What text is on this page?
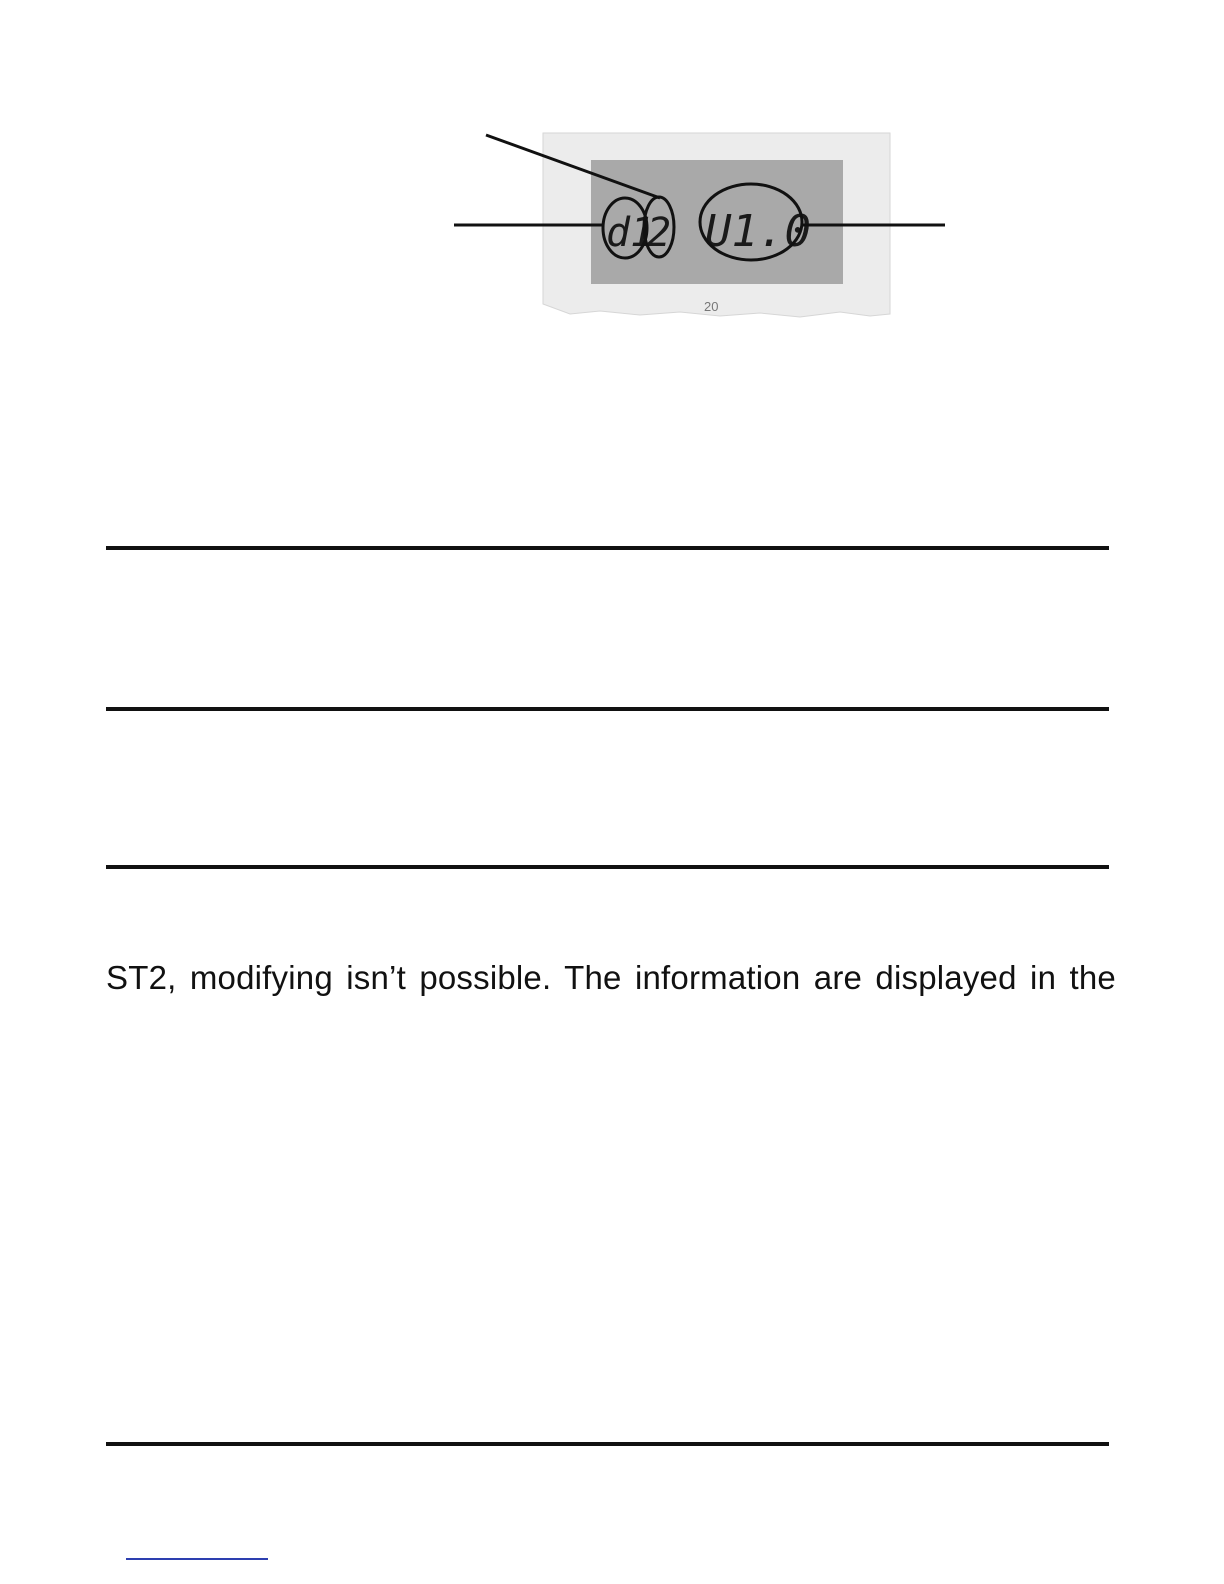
d1
2 U1.0
20
ST2, modifying isn’t possible. The information are displayed in the
